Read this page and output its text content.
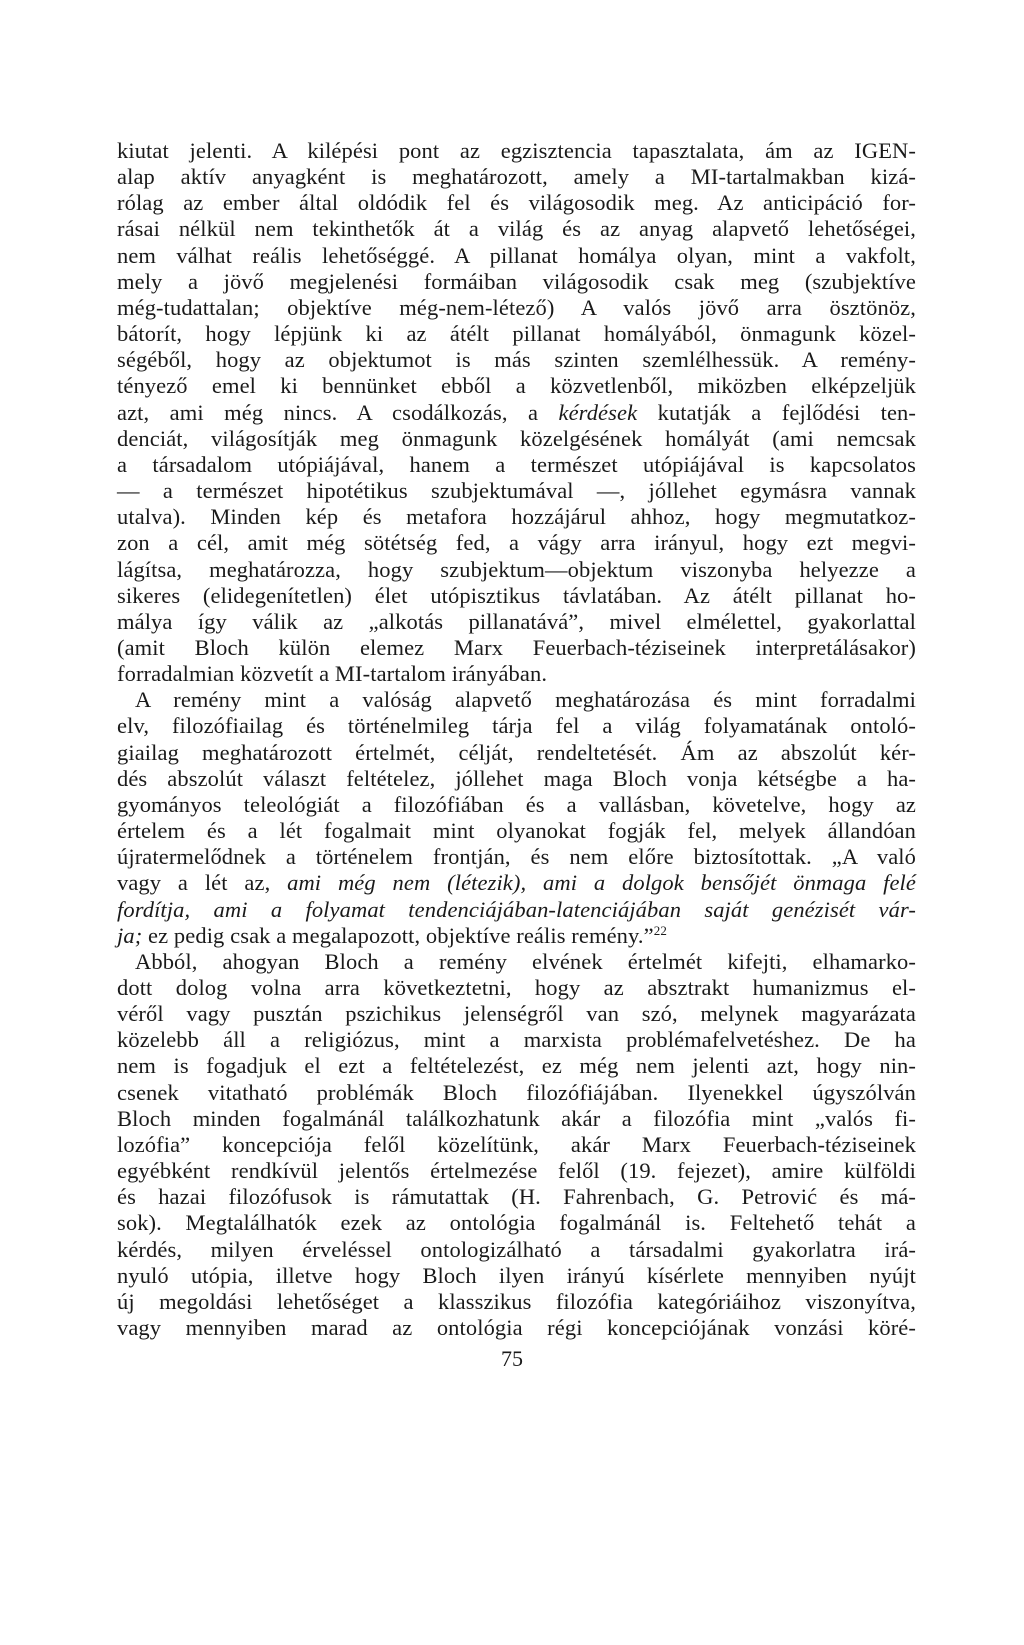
kiutat jelenti. A kilépési pont az egzisztencia tapasztalata, ám az IGEN-
alap aktív anyagként is meghatározott, amely a MI-tartalmakban kizá-
rólag az ember által oldódik fel és világosodik meg. Az anticipáció for-
rásai nélkül nem tekinthetők át a világ és az anyag alapvető lehetőségei,
nem válhat reális lehetőséggé. A pillanat homálya olyan, mint a vakfolt,
mely a jövő megjelenési formáiban világosodik csak meg (szubjektíve
még-tudattalan; objektíve még-nem-létező) A valós jövő arra ösztönöz,
bátorít, hogy lépjünk ki az átélt pillanat homályából, önmagunk közel-
ségéből, hogy az objektumot is más szinten szemlélhessük. A remény-
tényező emel ki bennünket ebből a közvetlenből, miközben elképzeljük
azt, ami még nincs. A csodálkozás, a kérdések kutatják a fejlődési ten-
denciát, világosítják meg önmagunk közelgésének homályát (ami nemcsak
a társadalom utópiájával, hanem a természet utópiájával is kapcsolatos
— a természet hipotétikus szubjektumával —, jóllehet egymásra vannak
utalva). Minden kép és metafora hozzájárul ahhoz, hogy megmutatkoz-
zon a cél, amit még sötétség fed, a vágy arra irányul, hogy ezt megvi-
lágítsa, meghatározza, hogy szubjektum—objektum viszonyba helyezze a
sikeres (elidegenítetlen) élet utópisztikus távlatában. Az átélt pillanat ho-
málya így válik az „alkotás pillanatává”, mivel elmélettel, gyakorlattal
(amit Bloch külön elemez Marx Feuerbach-téziseinek interpretálásakor)
forradalmian közvetít a MI-tartalom irányában.
A remény mint a valóság alapvető meghatározása és mint forradalmi
elv, filozófiailag és történelmileg tárja fel a világ folyamatának ontoló-
giailag meghatározott értelmét, célját, rendeltetését. Ám az abszolút kér-
dés abszolút választ feltételez, jóllehet maga Bloch vonja kétségbe a ha-
gyományos teleológiát a filozófiában és a vallásban, követelve, hogy az
értelem és a lét fogalmait mint olyanokat fogják fel, melyek állandóan
újratermelődnek a történelem frontján, és nem előre biztosítottak. „A való
vagy a lét az, ami még nem (létezik), ami a dolgok bensőjét önmaga felé
fordítja, ami a folyamat tendenciájában-latenciájában saját genézisét vár-
ja; ez pedig csak a megalapozott, objektíve reális remény.”$^{22}$
Abból, ahogyan Bloch a remény elvének értelmét kifejti, elhamarko-
dott dolog volna arra következtetni, hogy az absztrakt humanizmus el-
véről vagy pusztán pszichikus jelenségről van szó, melynek magyarázata
közelebb áll a religiózus, mint a marxista problémafelvetéshez. De ha
nem is fogadjuk el ezt a feltételezést, ez még nem jelenti azt, hogy nin-
csenek vitatható problémák Bloch filozófiájában. Ilyenekkel úgyszólván
Bloch minden fogalmánál találkozhatunk akár a filozófia mint „valós fi-
lozófia” koncepciója felől közelítünk, akár Marx Feuerbach-téziseinek
egyébként rendkívül jelentős értelmezése felől (19. fejezet), amire külföldi
és hazai filozófusok is rámutattak (H. Fahrenbach, G. Petrović és má-
sok). Megtalálhatók ezek az ontológia fogalmánál is. Feltehető tehát a
kérdés, milyen érveléssel ontologizálható a társadalmi gyakorlatra irá-
nyuló utópia, illetve hogy Bloch ilyen irányú kísérlete mennyiben nyújt
új megoldási lehetőséget a klasszikus filozófia kategóriáihoz viszonyítva,
vagy mennyiben marad az ontológia régi koncepciójának vonzási köré-
75
